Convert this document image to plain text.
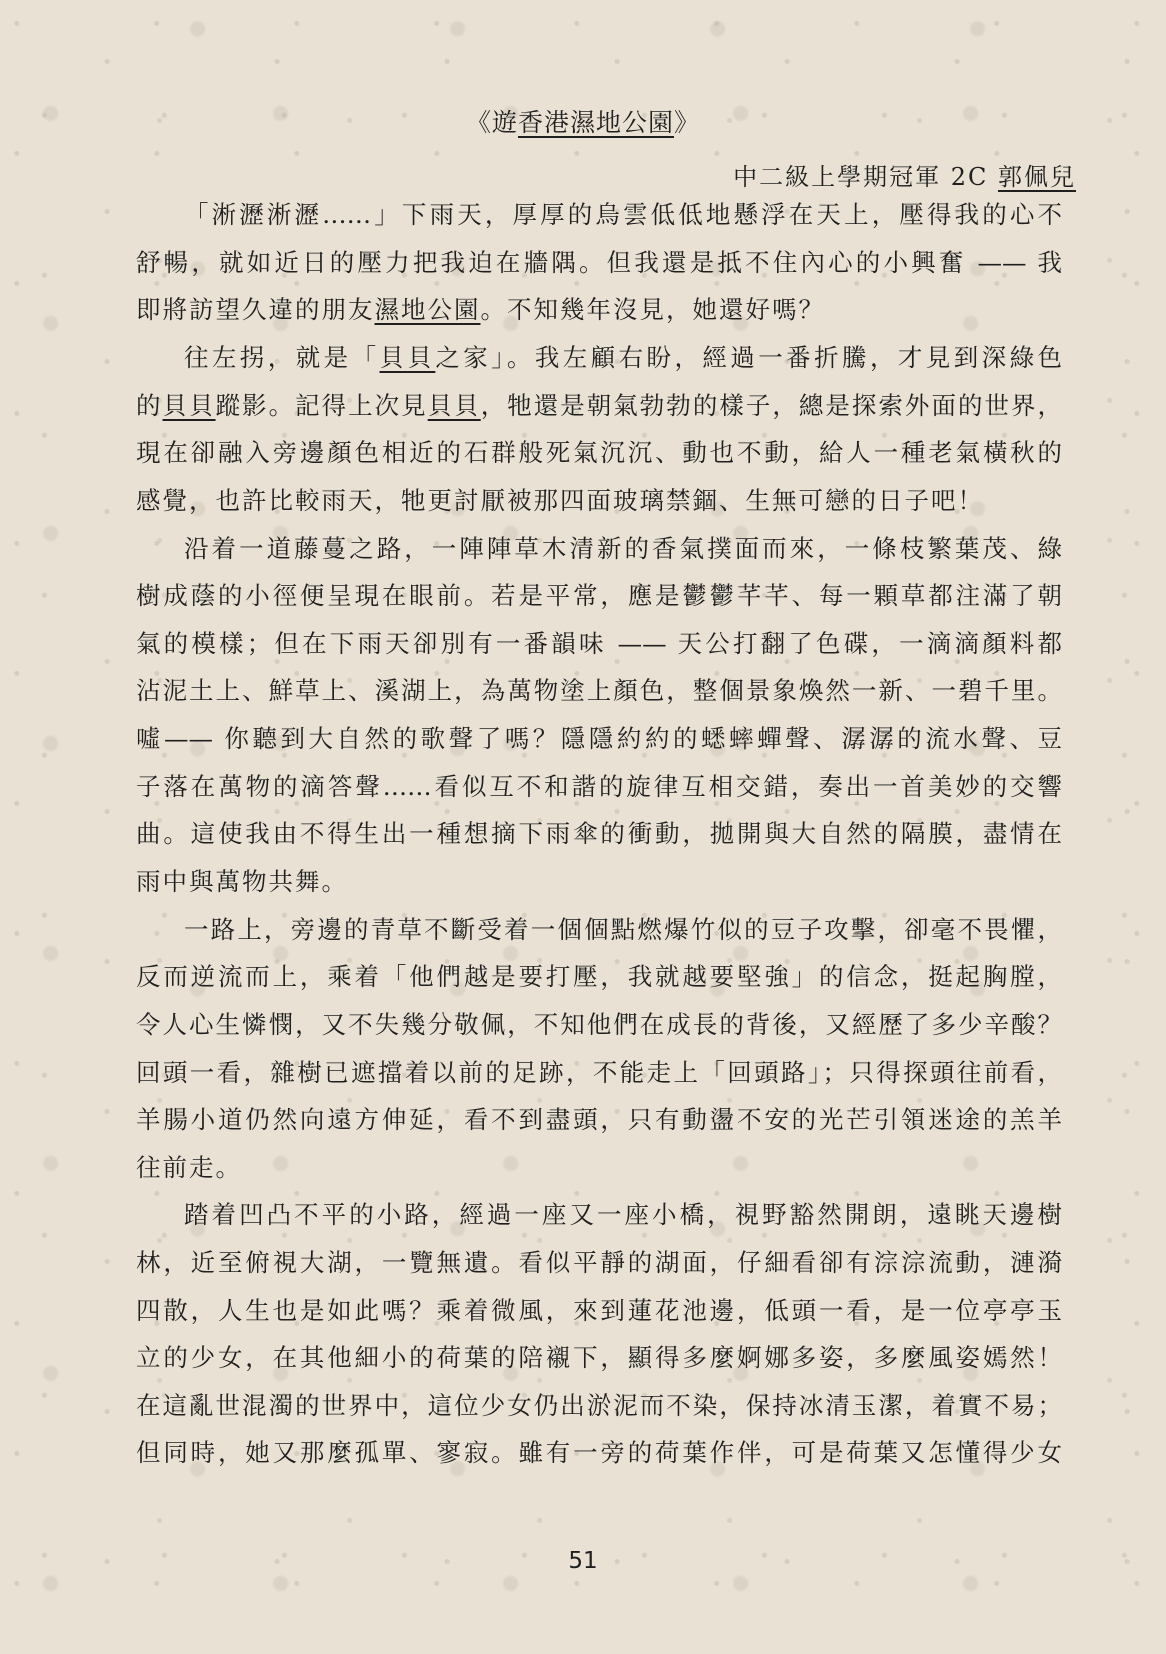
《遊香港濕地公園》
中二級上學期冠軍 2C 郭佩兒
「淅瀝淅瀝……」下雨天，厚厚的烏雲低低地懸浮在天上，壓得我的心不
舒暢，就如近日的壓力把我迫在牆隅。但我還是抵不住內心的小興奮 —— 我
即將訪望久違的朋友濕地公園。不知幾年沒見，她還好嗎？
往左拐，就是「貝貝之家」。我左顧右盼，經過一番折騰，才見到深綠色
的貝貝蹤影。記得上次見貝貝，牠還是朝氣勃勃的樣子，總是探索外面的世界，
現在卻融入旁邊顏色相近的石群般死氣沉沉、動也不動，給人一種老氣橫秋的
感覺，也許比較雨天，牠更討厭被那四面玻璃禁錮、生無可戀的日子吧！
沿着一道藤蔓之路，一陣陣草木清新的香氣撲面而來，一條枝繁葉茂、綠
樹成蔭的小徑便呈現在眼前。若是平常，應是鬱鬱芊芊、每一顆草都注滿了朝
氣的模樣；但在下雨天卻別有一番韻味 —— 天公打翻了色碟，一滴滴顏料都
沾泥土上、鮮草上、溪湖上，為萬物塗上顏色，整個景象煥然一新、一碧千里。
噓—— 你聽到大自然的歌聲了嗎？隱隱約約的蟋蟀蟬聲、潺潺的流水聲、豆
子落在萬物的滴答聲……看似互不和諧的旋律互相交錯，奏出一首美妙的交響
曲。這使我由不得生出一種想摘下雨傘的衝動，拋開與大自然的隔膜，盡情在
雨中與萬物共舞。
一路上，旁邊的青草不斷受着一個個點燃爆竹似的豆子攻擊，卻毫不畏懼，
反而逆流而上，乘着「他們越是要打壓，我就越要堅強」的信念，挺起胸膛，
令人心生憐憫，又不失幾分敬佩，不知他們在成長的背後，又經歷了多少辛酸？
回頭一看，雜樹已遮擋着以前的足跡，不能走上「回頭路」；只得探頭往前看，
羊腸小道仍然向遠方伸延，看不到盡頭，只有動盪不安的光芒引領迷途的羔羊
往前走。
踏着凹凸不平的小路，經過一座又一座小橋，視野豁然開朗，遠眺天邊樹
林，近至俯視大湖，一覽無遺。看似平靜的湖面，仔細看卻有淙淙流動，漣漪
四散，人生也是如此嗎？乘着微風，來到蓮花池邊，低頭一看，是一位亭亭玉
立的少女，在其他細小的荷葉的陪襯下，顯得多麼婀娜多姿，多麼風姿嫣然！
在這亂世混濁的世界中，這位少女仍出淤泥而不染，保持冰清玉潔，着實不易；
但同時，她又那麼孤單、寥寂。雖有一旁的荷葉作伴，可是荷葉又怎懂得少女
51
